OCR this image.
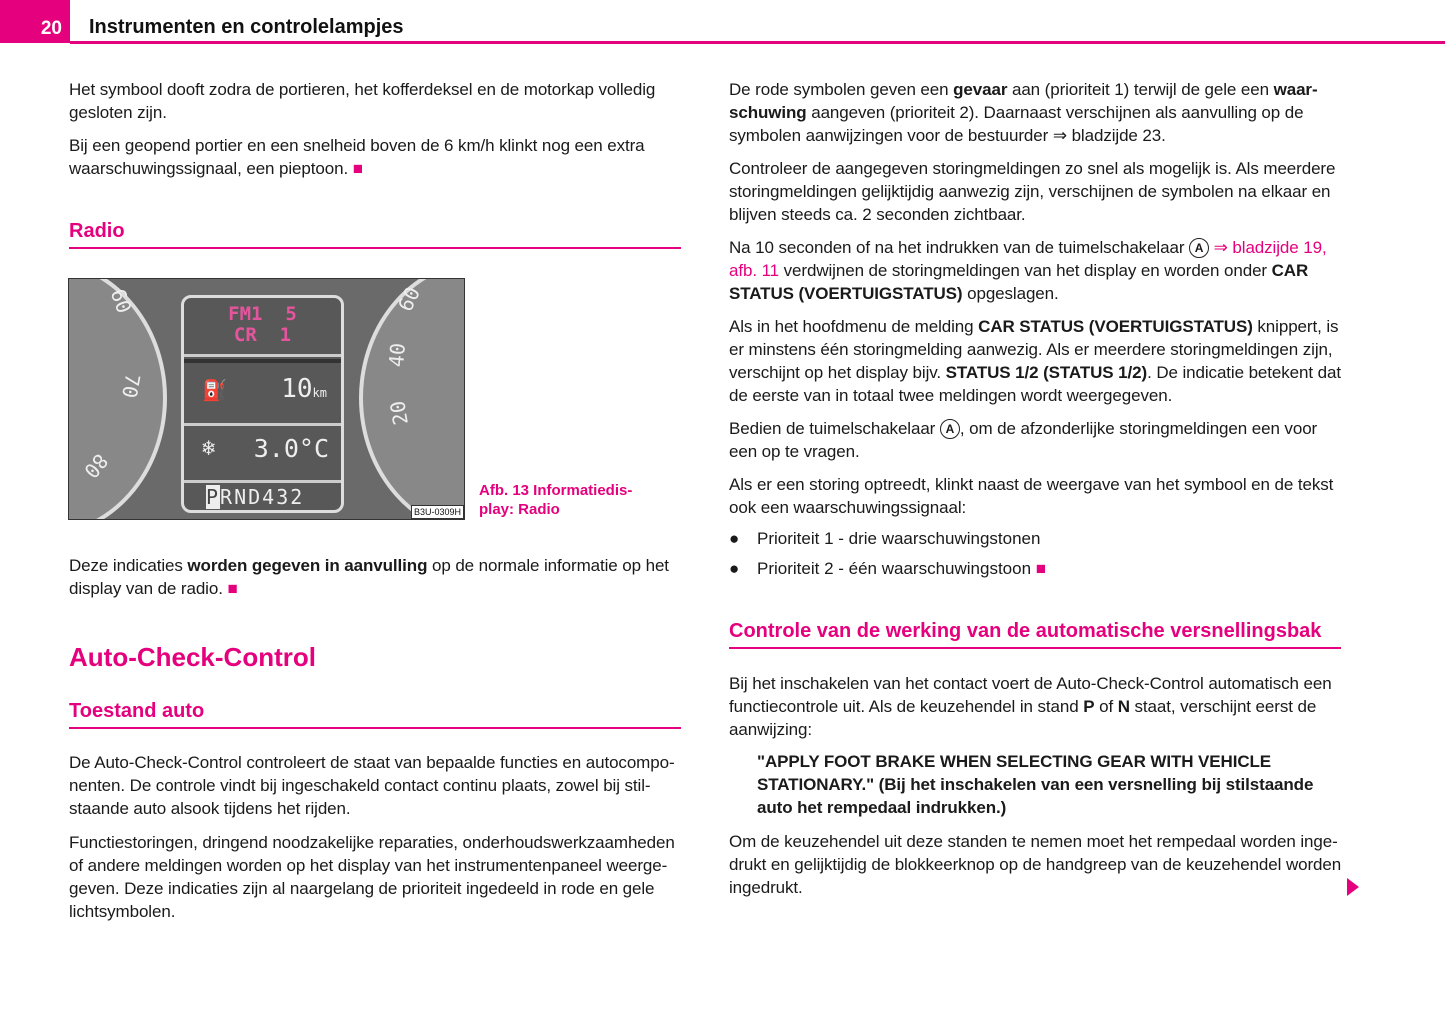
20	Instrumenten en controlelampjes
Het symbool dooft zodra de portieren, het kofferdeksel en de motorkap volledig gesloten zijn.
Bij een geopend portier en een snelheid boven de 6 km/h klinkt nog een extra waarschuwingssignaal, een pieptoon. ■
Radio
60
70
80
60
40
20
FM1  5
CR  1
⛽ 10km
❄ 3.0°C
PRND432
B3U-0309H
Afb. 13 Informatiedis-play: Radio
Deze indicaties worden gegeven in aanvulling op de normale informatie op het display van de radio. ■
Auto-Check-Control
Toestand auto
De Auto-Check-Control controleert de staat van bepaalde functies en autocompo-nenten. De controle vindt bij ingeschakeld contact continu plaats, zowel bij stil-staande auto alsook tijdens het rijden.
Functiestoringen, dringend noodzakelijke reparaties, onderhoudswerkzaamheden of andere meldingen worden op het display van het instrumentenpaneel weerge-geven. Deze indicaties zijn al naargelang de prioriteit ingedeeld in rode en gele lichtsymbolen.
De rode symbolen geven een gevaar aan (prioriteit 1) terwijl de gele een waar-schuwing aangeven (prioriteit 2). Daarnaast verschijnen als aanvulling op de symbolen aanwijzingen voor de bestuurder ⇒ bladzijde 23.
Controleer de aangegeven storingmeldingen zo snel als mogelijk is. Als meerdere storingmeldingen gelijktijdig aanwezig zijn, verschijnen de symbolen na elkaar en blijven steeds ca. 2 seconden zichtbaar.
Na 10 seconden of na het indrukken van de tuimelschakelaar A ⇒ bladzijde 19, afb. 11 verdwijnen de storingmeldingen van het display en worden onder CAR STATUS (VOERTUIGSTATUS) opgeslagen.
Als in het hoofdmenu de melding CAR STATUS (VOERTUIGSTATUS) knippert, is er minstens één storingmelding aanwezig. Als er meerdere storingmeldingen zijn, verschijnt op het display bijv. STATUS 1/2 (STATUS 1/2). De indicatie betekent dat de eerste van in totaal twee meldingen wordt weergegeven.
Bedien de tuimelschakelaar A , om de afzonderlijke storingmeldingen een voor een op te vragen.
Als er een storing optreedt, klinkt naast de weergave van het symbool en de tekst ook een waarschuwingssignaal:
● Prioriteit 1 - drie waarschuwingstonen
● Prioriteit 2 - één waarschuwingstoon ■
Controle van de werking van de automatische versnellingsbak
Bij het inschakelen van het contact voert de Auto-Check-Control automatisch een functiecontrole uit. Als de keuzehendel in stand P of N staat, verschijnt eerst de aanwijzing:
"APPLY FOOT BRAKE WHEN SELECTING GEAR WITH VEHICLE STATIONARY." (Bij het inschakelen van een versnelling bij stilstaande auto het rempedaal indrukken.)
Om de keuzehendel uit deze standen te nemen moet het rempedaal worden inge-drukt en gelijktijdig de blokkeerknop op de handgreep van de keuzehendel worden ingedrukt.
